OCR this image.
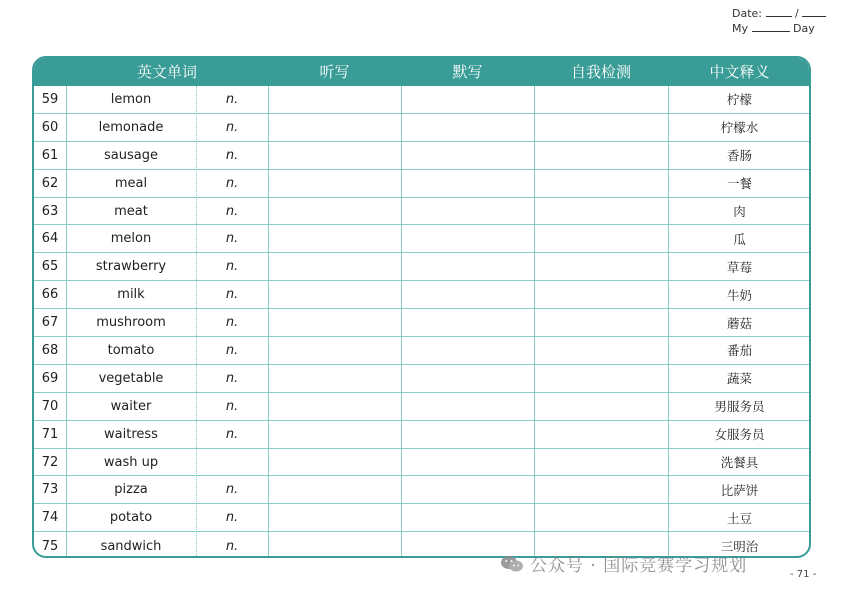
Date:	/
My	Day
英文单词	听写	默写	自我检测	中文释义
59	lemon	n.	柠檬
60	lemonade	n.	柠檬水
61	sausage	n.	香肠
62	meal	n.	一餐
63	meat	n.	肉
64	melon	n.	瓜
65	strawberry	n.	草莓
66	milk	n.	牛奶
67	mushroom	n.	蘑菇
68	tomato	n.	番茄
69	vegetable	n.	蔬菜
70	waiter	n.	男服务员
71	waitress	n.	女服务员
72	wash up	洗餐具
73	pizza	n.	比萨饼
74	potato	n.	土豆
75	sandwich	n.	三明治
公众号 · 国际竞赛学习规划	- 71 -
